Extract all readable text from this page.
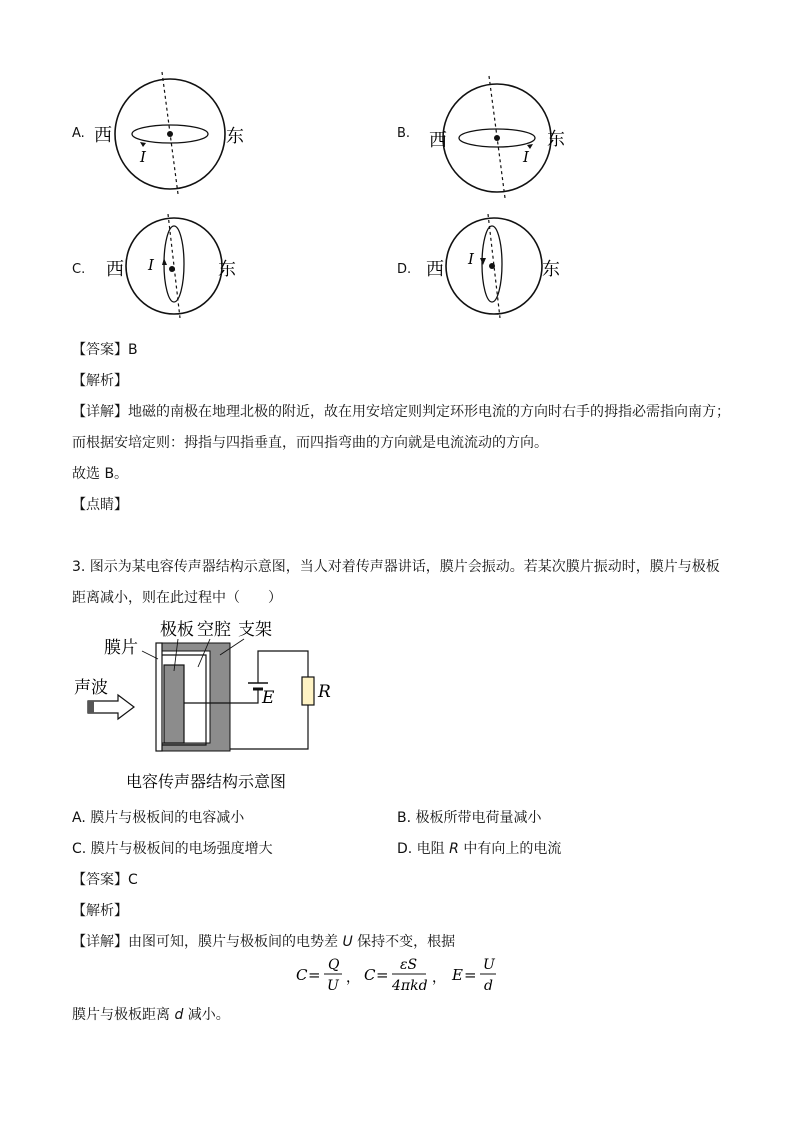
A. 西	东
I
B. 西	东
I
C. 西	东
I	D. 西	东
I
【答案】B
【解析】
【详解】地磁的南极在地理北极的附近，故在用安培定则判定环形电流的方向时右手的拇指必需指向南方；
而根据安培定则：拇指与四指垂直，而四指弯曲的方向就是电流流动的方向。
故选 B。
【点睛】
3. 图示为某电容传声器结构示意图，当人对着传声器讲话，膜片会振动。若某次膜片振动时，膜片与极板
距离减小，则在此过程中（　　）
膜片
极板 空腔 支架
声波	E	R
电容传声器结构示意图
A. 膜片与极板间的电容减小	B. 极板所带电荷量减小
C. 膜片与极板间的电场强度增大	D. 电阻 R 中有向上的电流
【答案】C
【解析】
【详解】由图可知，膜片与极板间的电势差 U 保持不变，根据
C =
Q
U ， C =
εS
4πkd ， E =
U
d
膜片与极板距离 d 减小。
